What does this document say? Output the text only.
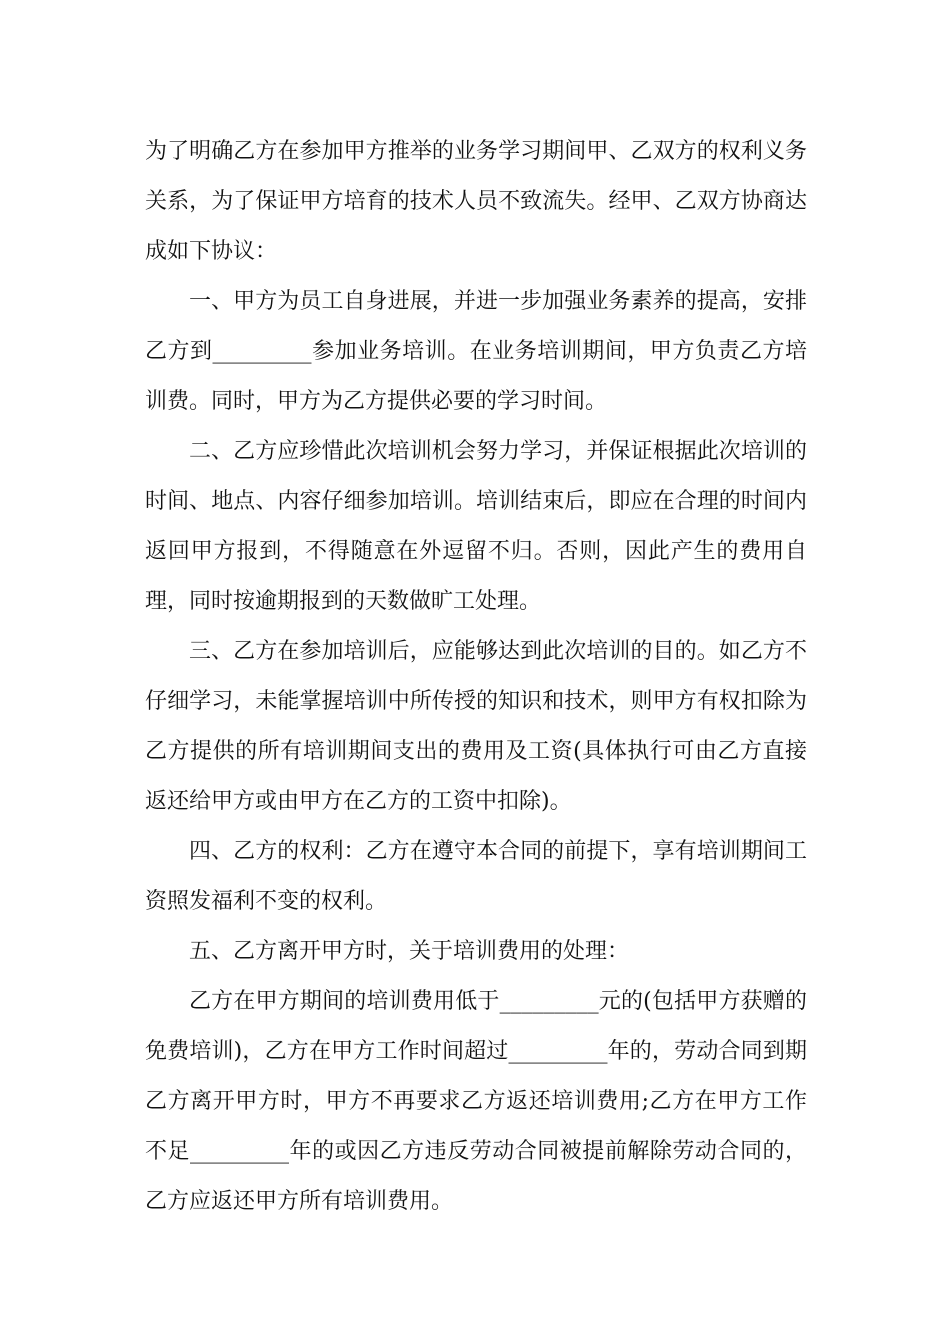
为了明确乙方在参加甲方推举的业务学习期间甲、乙双方的权利义务关系，为了保证甲方培育的技术人员不致流失。经甲、乙双方协商达成如下协议：

一、甲方为员工自身进展，并进一步加强业务素养的提高，安排乙方到_________参加业务培训。在业务培训期间，甲方负责乙方培训费。同时，甲方为乙方提供必要的学习时间。

二、乙方应珍惜此次培训机会努力学习，并保证根据此次培训的时间、地点、内容仔细参加培训。培训结束后，即应在合理的时间内返回甲方报到，不得随意在外逗留不归。否则，因此产生的费用自理，同时按逾期报到的天数做旷工处理。

三、乙方在参加培训后，应能够达到此次培训的目的。如乙方不仔细学习，未能掌握培训中所传授的知识和技术，则甲方有权扣除为乙方提供的所有培训期间支出的费用及工资(具体执行可由乙方直接返还给甲方或由甲方在乙方的工资中扣除)。

四、乙方的权利：乙方在遵守本合同的前提下，享有培训期间工资照发福利不变的权利。

五、乙方离开甲方时，关于培训费用的处理：

乙方在甲方期间的培训费用低于_________元的(包括甲方获赠的免费培训)，乙方在甲方工作时间超过_________年的，劳动合同到期乙方离开甲方时，甲方不再要求乙方返还培训费用;乙方在甲方工作不足_________年的或因乙方违反劳动合同被提前解除劳动合同的，乙方应返还甲方所有培训费用。
